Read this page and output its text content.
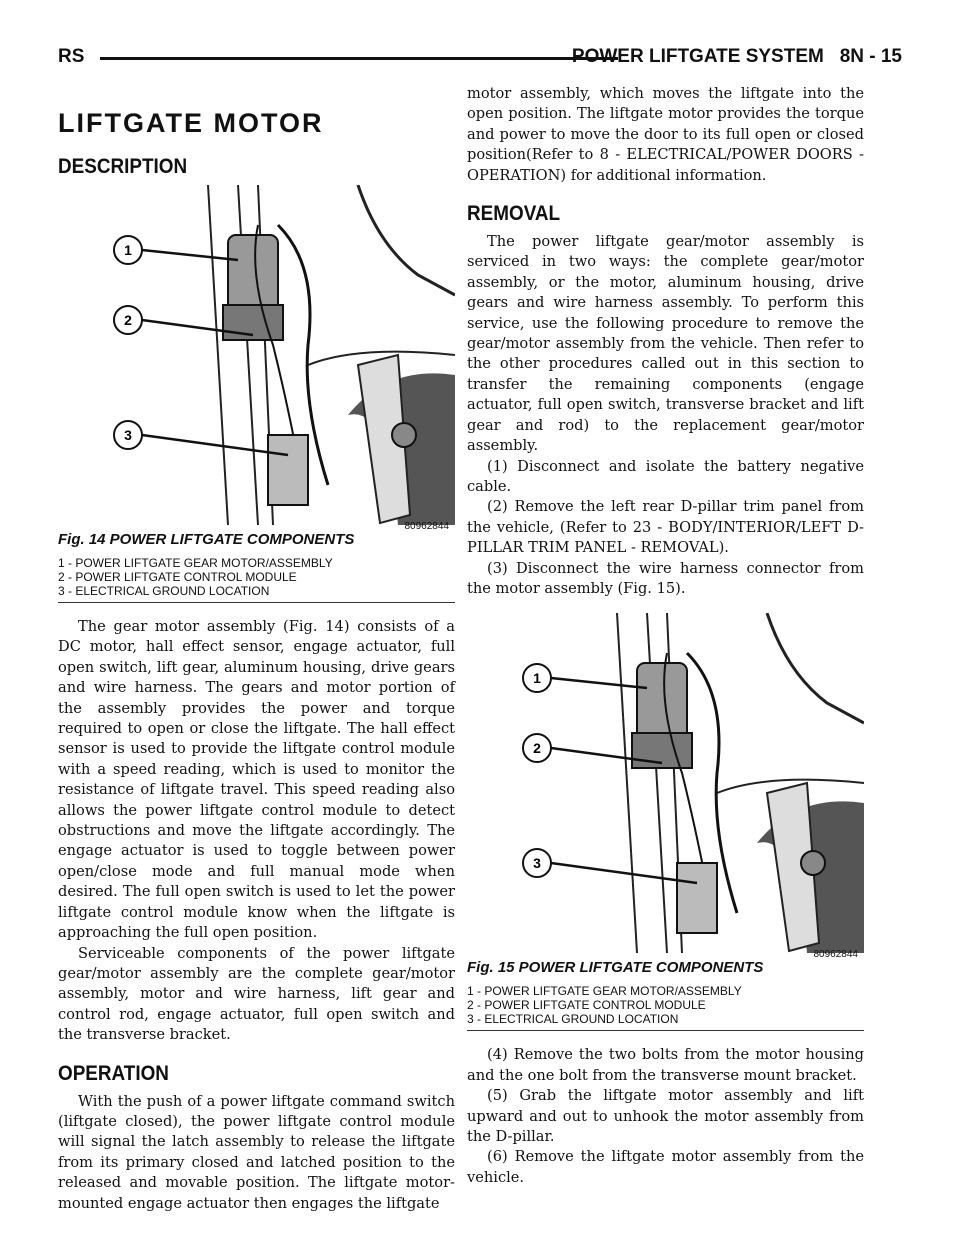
RS	POWER LIFTGATE SYSTEM 8N - 15
LIFTGATE MOTOR
DESCRIPTION
1
2
3
80962844
Fig. 14 POWER LIFTGATE COMPONENTS
1 - POWER LIFTGATE GEAR MOTOR/ASSEMBLY
2 - POWER LIFTGATE CONTROL MODULE
3 - ELECTRICAL GROUND LOCATION

The gear motor assembly (Fig. 14) consists of a DC motor, hall effect sensor, engage actuator, full open switch, lift gear, aluminum housing, drive gears and wire harness. The gears and motor portion of the assembly provides the power and torque required to open or close the liftgate. The hall effect sensor is used to provide the liftgate control module with a speed reading, which is used to monitor the resistance of liftgate travel. This speed reading also allows the power liftgate control module to detect obstructions and move the liftgate accordingly. The engage actuator is used to toggle between power open/close mode and full manual mode when desired. The full open switch is used to let the power liftgate control module know when the liftgate is approaching the full open position.

Serviceable components of the power liftgate gear/motor assembly are the complete gear/motor assembly, motor and wire harness, lift gear and control rod, engage actuator, full open switch and the transverse bracket.

OPERATION

With the push of a power liftgate command switch (liftgate closed), the power liftgate control module will signal the latch assembly to release the liftgate from its primary closed and latched position to the released and movable position. The liftgate motor-mounted engage actuator then engages the liftgate

motor assembly, which moves the liftgate into the open position. The liftgate motor provides the torque and power to move the door to its full open or closed position(Refer to 8 - ELECTRICAL/POWER DOORS - OPERATION) for additional information.

REMOVAL

The power liftgate gear/motor assembly is serviced in two ways: the complete gear/motor assembly, or the motor, aluminum housing, drive gears and wire harness assembly. To perform this service, use the following procedure to remove the gear/motor assembly from the vehicle. Then refer to the other procedures called out in this section to transfer the remaining components (engage actuator, full open switch, transverse bracket and lift gear and rod) to the replacement gear/motor assembly.

(1) Disconnect and isolate the battery negative cable.

(2) Remove the left rear D-pillar trim panel from the vehicle, (Refer to 23 - BODY/INTERIOR/LEFT D-PILLAR TRIM PANEL - REMOVAL).

(3) Disconnect the wire harness connector from the motor assembly (Fig. 15).

1
2
3
80962844
Fig. 15 POWER LIFTGATE COMPONENTS
1 - POWER LIFTGATE GEAR MOTOR/ASSEMBLY
2 - POWER LIFTGATE CONTROL MODULE
3 - ELECTRICAL GROUND LOCATION

(4) Remove the two bolts from the motor housing and the one bolt from the transverse mount bracket.

(5) Grab the liftgate motor assembly and lift upward and out to unhook the motor assembly from the D-pillar.

(6) Remove the liftgate motor assembly from the vehicle.
